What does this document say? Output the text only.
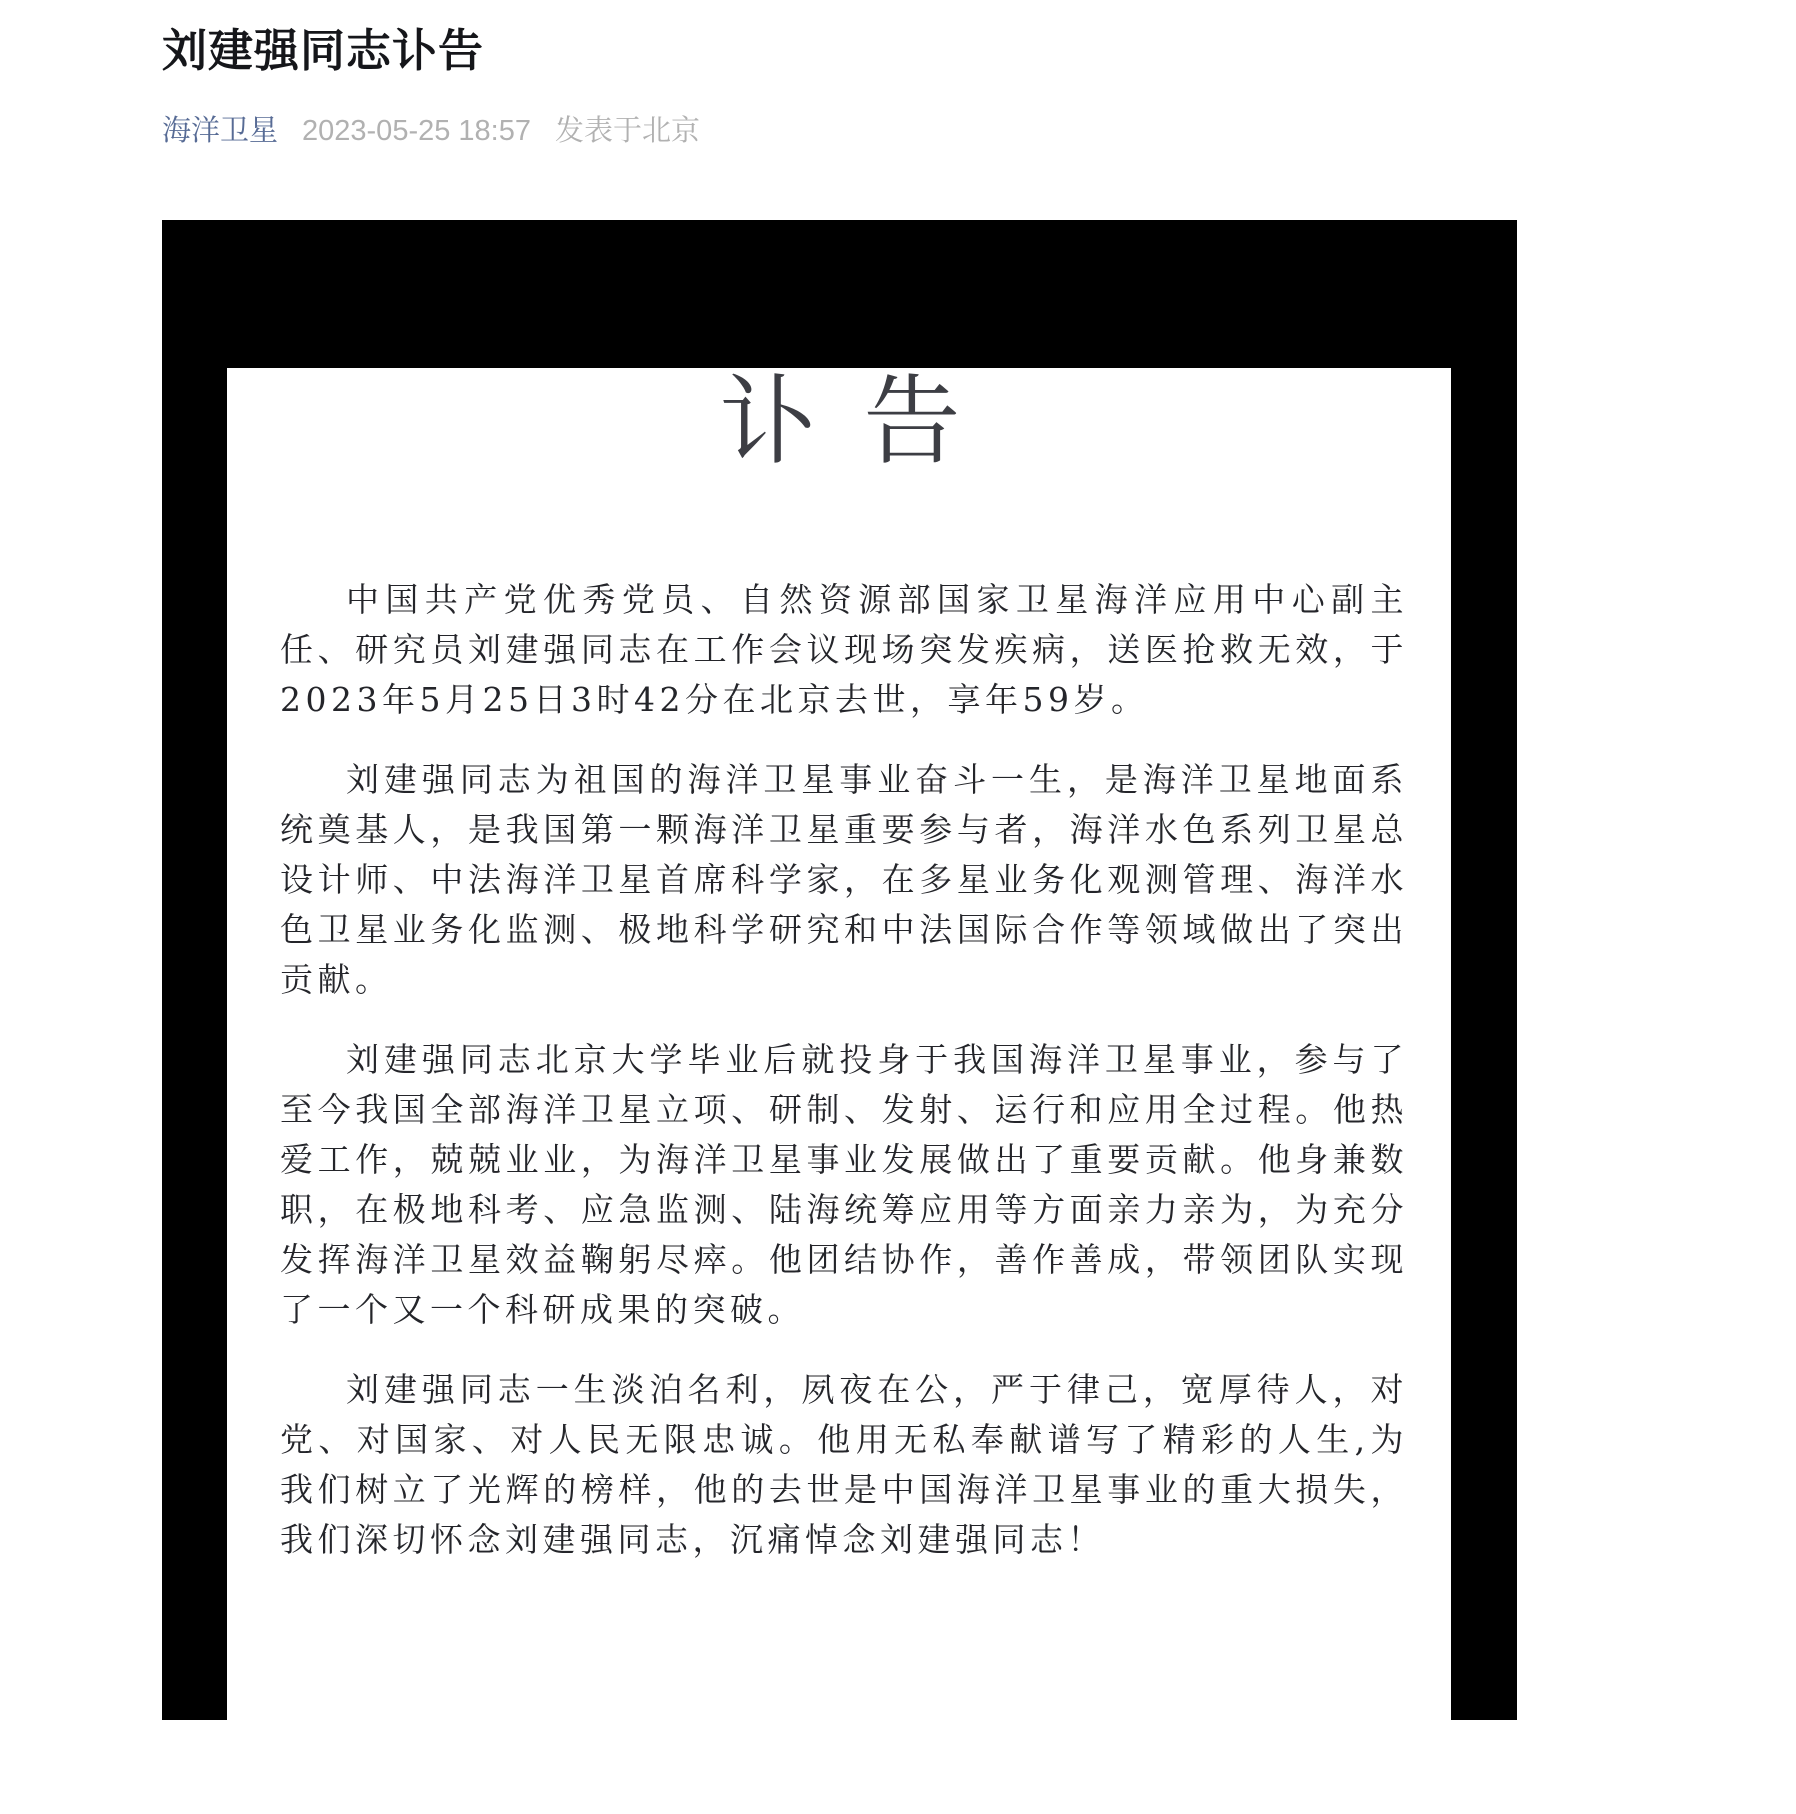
刘建强同志讣告
海洋卫星 2023-05-25 18:57 发表于北京
讣 告

中国共产党优秀党员、自然资源部国家卫星海洋应用中心副主任、研究员刘建强同志在工作会议现场突发疾病，送医抢救无效，于2023年5月25日3时42分在北京去世，享年59岁。

刘建强同志为祖国的海洋卫星事业奋斗一生，是海洋卫星地面系统奠基人，是我国第一颗海洋卫星重要参与者，海洋水色系列卫星总设计师、中法海洋卫星首席科学家，在多星业务化观测管理、海洋水色卫星业务化监测、极地科学研究和中法国际合作等领域做出了突出贡献。

刘建强同志北京大学毕业后就投身于我国海洋卫星事业，参与了至今我国全部海洋卫星立项、研制、发射、运行和应用全过程。他热爱工作，兢兢业业，为海洋卫星事业发展做出了重要贡献。他身兼数职，在极地科考、应急监测、陆海统筹应用等方面亲力亲为，为充分发挥海洋卫星效益鞠躬尽瘁。他团结协作，善作善成，带领团队实现了一个又一个科研成果的突破。

刘建强同志一生淡泊名利，夙夜在公，严于律己，宽厚待人，对党、对国家、对人民无限忠诚。他用无私奉献谱写了精彩的人生,为我们树立了光辉的榜样，他的去世是中国海洋卫星事业的重大损失，我们深切怀念刘建强同志，沉痛悼念刘建强同志！
